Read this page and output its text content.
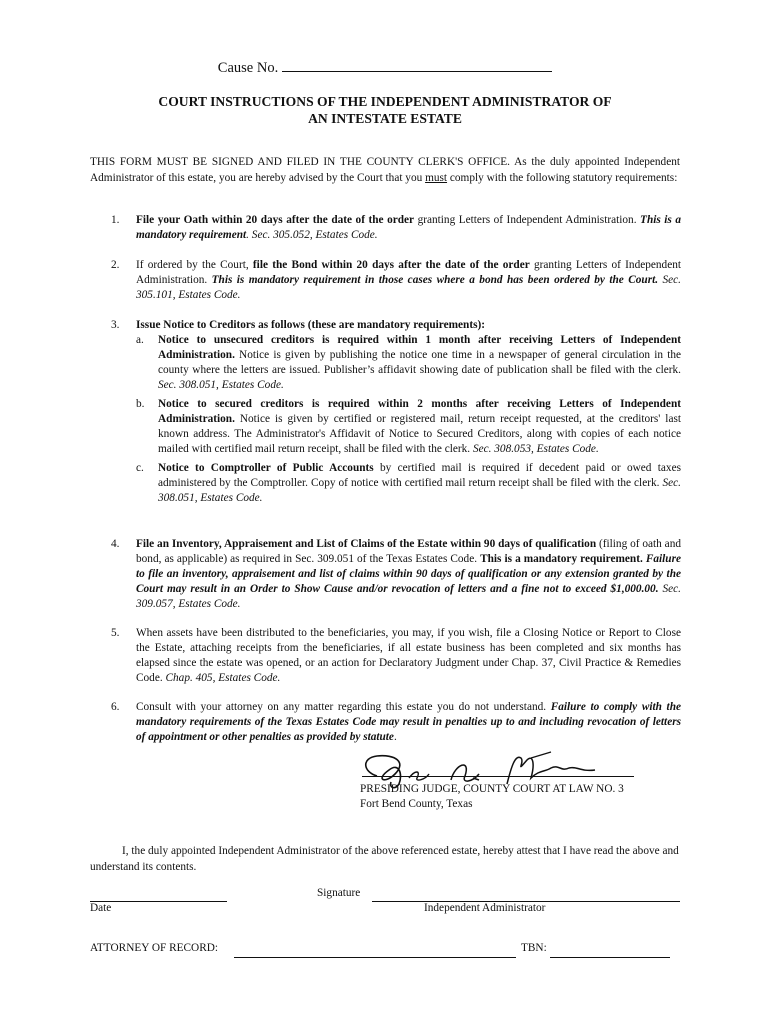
Cause No.
COURT INSTRUCTIONS OF THE INDEPENDENT ADMINISTRATOR OF
AN INTESTATE ESTATE
THIS FORM MUST BE SIGNED AND FILED IN THE COUNTY CLERK'S OFFICE. As the duly appointed Independent Administrator of this estate, you are hereby advised by the Court that you must comply with the following statutory requirements:
1. File your Oath within 20 days after the date of the order granting Letters of Independent Administration. This is a mandatory requirement. Sec. 305.052, Estates Code.
2. If ordered by the Court, file the Bond within 20 days after the date of the order granting Letters of Independent Administration. This is mandatory requirement in those cases where a bond has been ordered by the Court. Sec. 305.101, Estates Code.
3. Issue Notice to Creditors as follows (these are mandatory requirements):
a. Notice to unsecured creditors is required within 1 month after receiving Letters of Independent Administration. Notice is given by publishing the notice one time in a newspaper of general circulation in the county where the letters are issued. Publisher’s affidavit showing date of publication shall be filed with the clerk. Sec. 308.051, Estates Code.
b. Notice to secured creditors is required within 2 months after receiving Letters of Independent Administration. Notice is given by certified or registered mail, return receipt requested, at the creditors' last known address. The Administrator's Affidavit of Notice to Secured Creditors, along with copies of each notice mailed with certified mail return receipt, shall be filed with the clerk. Sec. 308.053, Estates Code.
c. Notice to Comptroller of Public Accounts by certified mail is required if decedent paid or owed taxes administered by the Comptroller. Copy of notice with certified mail return receipt shall be filed with the clerk. Sec. 308.051, Estates Code.
4. File an Inventory, Appraisement and List of Claims of the Estate within 90 days of qualification (filing of oath and bond, as applicable) as required in Sec. 309.051 of the Texas Estates Code. This is a mandatory requirement. Failure to file an inventory, appraisement and list of claims within 90 days of qualification or any extension granted by the Court may result in an Order to Show Cause and/or revocation of letters and a fine not to exceed $1,000.00. Sec. 309.057, Estates Code.
5. When assets have been distributed to the beneficiaries, you may, if you wish, file a Closing Notice or Report to Close the Estate, attaching receipts from the beneficiaries, if all estate business has been completed and six months has elapsed since the estate was opened, or an action for Declaratory Judgment under Chap. 37, Civil Practice & Remedies Code. Chap. 405, Estates Code.
6. Consult with your attorney on any matter regarding this estate you do not understand. Failure to comply with the mandatory requirements of the Texas Estates Code may result in penalties up to and including revocation of letters of appointment or other penalties as provided by statute.
PRESIDING JUDGE, COUNTY COURT AT LAW NO. 3
Fort Bend County, Texas
I, the duly appointed Independent Administrator of the above referenced estate, hereby attest that I have read the above and understand its contents.
Date
Signature
Independent Administrator
ATTORNEY OF RECORD:	TBN:
